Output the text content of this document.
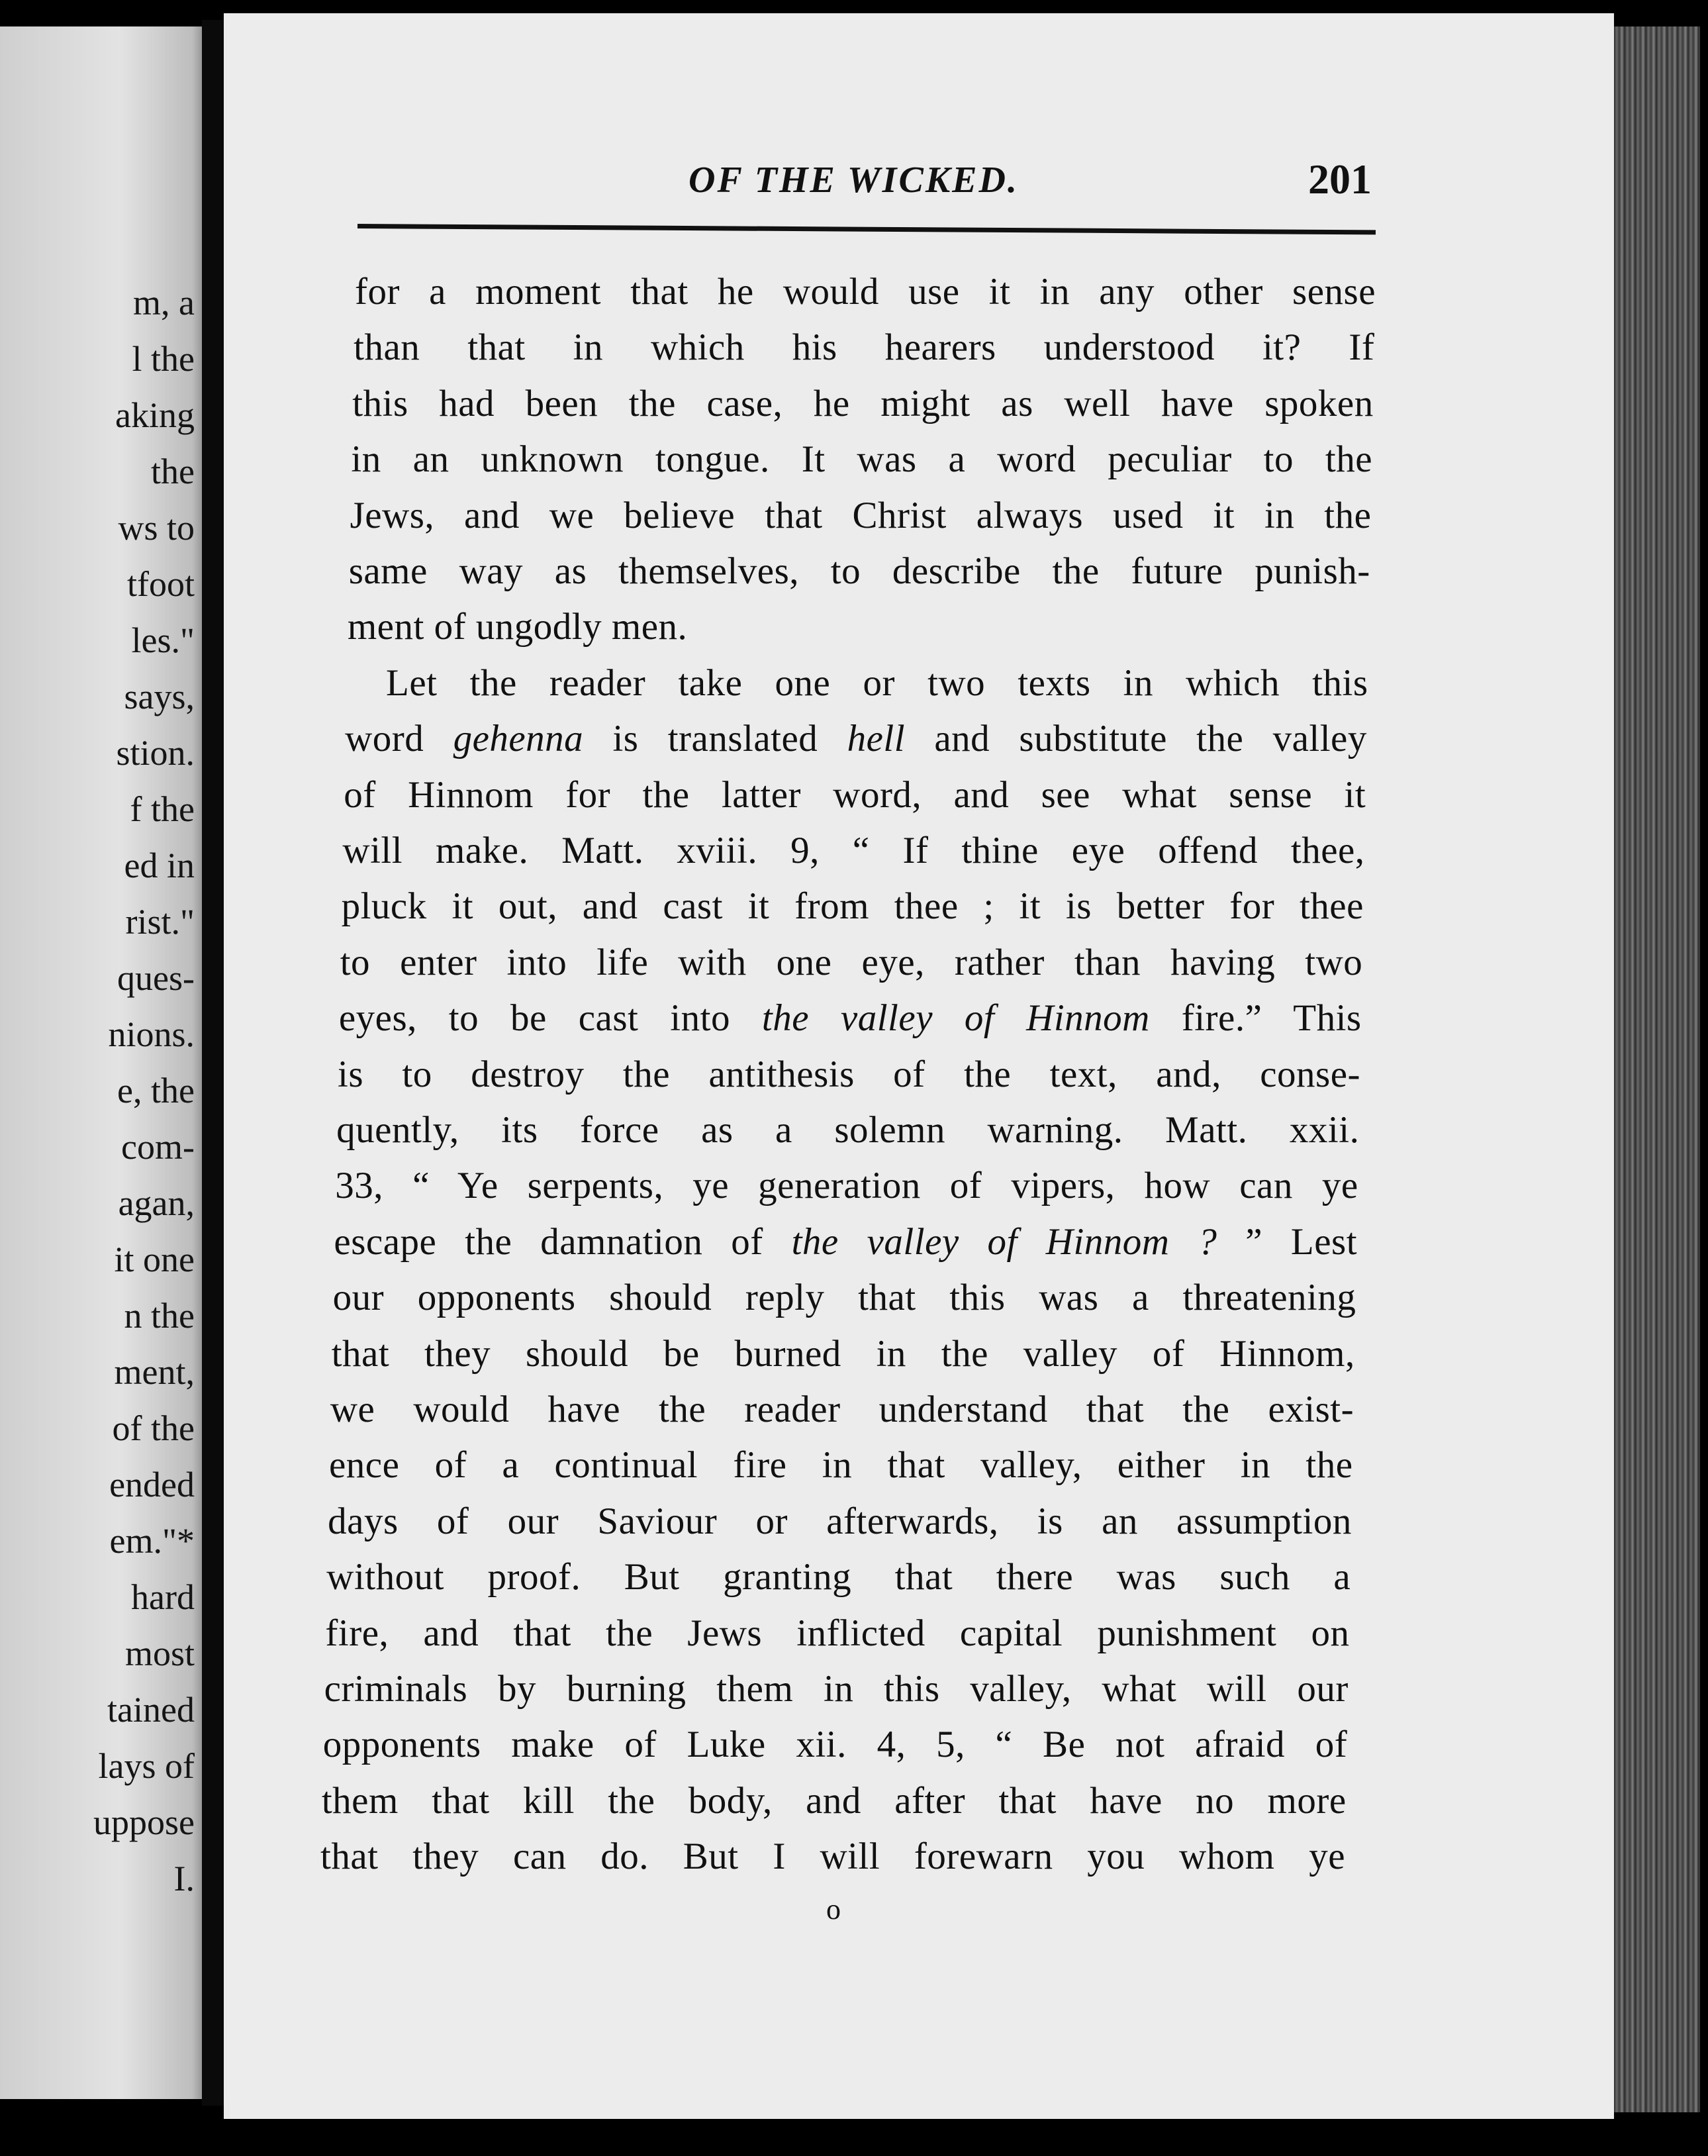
m, a
l the
aking
the
ws to
tfoot
les."
says,
stion.
f the
ed in
rist."
ques-
nions.
e, the
com-
agan,
it one
n the
ment,
of the
ended
em."*
hard
most
tained
lays of
uppose
I.
OF THE WICKED.	201
for a moment that he would use it in any other sense
than that in which his hearers understood it? If
this had been the case, he might as well have spoken
in an unknown tongue. It was a word peculiar to the
Jews, and we believe that Christ always used it in the
same way as themselves, to describe the future punish-
ment of ungodly men.
Let the reader take one or two texts in which this
word gehenna is translated hell and substitute the valley
of Hinnom for the latter word, and see what sense it
will make. Matt. xviii. 9, “ If thine eye offend thee,
pluck it out, and cast it from thee ; it is better for thee
to enter into life with one eye, rather than having two
eyes, to be cast into the valley of Hinnom fire.” This
is to destroy the antithesis of the text, and, conse-
quently, its force as a solemn warning. Matt. xxii.
33, “ Ye serpents, ye generation of vipers, how can ye
escape the damnation of the valley of Hinnom ? ” Lest
our opponents should reply that this was a threatening
that they should be burned in the valley of Hinnom,
we would have the reader understand that the exist-
ence of a continual fire in that valley, either in the
days of our Saviour or afterwards, is an assumption
without proof. But granting that there was such a
fire, and that the Jews inflicted capital punishment on
criminals by burning them in this valley, what will our
opponents make of Luke xii. 4, 5, “ Be not afraid of
them that kill the body, and after that have no more
that they can do. But I will forewarn you whom ye
o
